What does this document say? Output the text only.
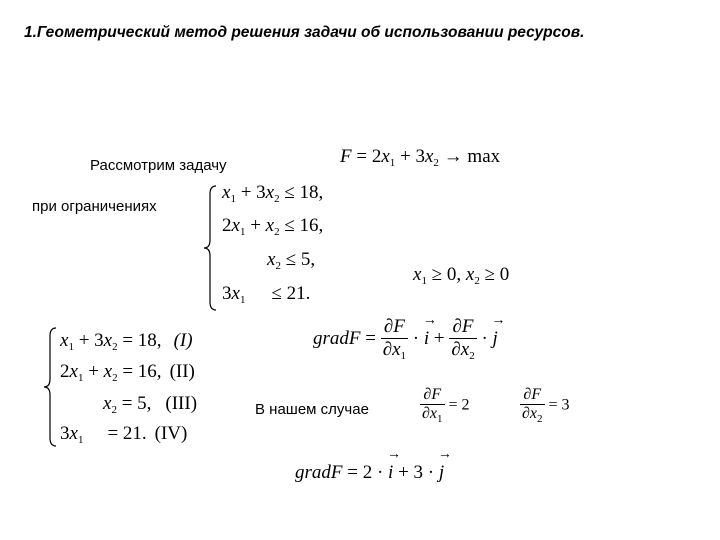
1.Геометрический метод решения задачи об использовании ресурсов.
Рассмотрим задачу	$F = 2x_1 + 3x_2 \to \max$
при ограничениях
$x_1 + 3x_2 \le 18$,
$2x_1 + x_2 \le 16$,
$x_2 \le 5$,
$3x_1 \le 21$.
$x_1 \ge 0$, $x_2 \ge 0$
$x_1 + 3x_2 = 18$, (I)
$2x_1 + x_2 = 16$, (II)
$x_2 = 5$, (III)
$3x_1 = 21$. (IV)
gradF = $\frac{\partial F}{\partial x_1} \cdot i$ → + $\frac{\partial F}{\partial x_2} \cdot j$ →
В нашем случае	$\frac{\partial F}{\partial x_1} = 2$	$\frac{\partial F}{\partial x_2} = 3$
gradF = 2 · i → + 3 · j →
